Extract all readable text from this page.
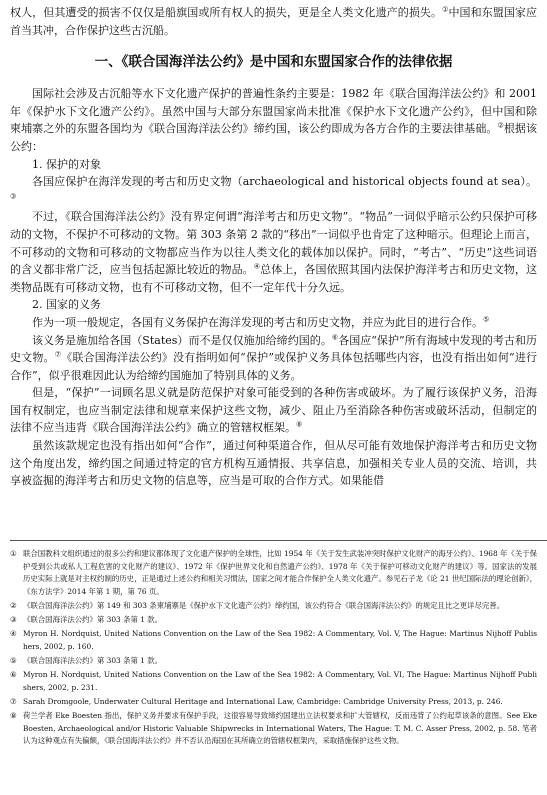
权人，但其遭受的损害不仅仅是船旗国或所有权人的损失，更是全人类文化遗产的损失。①中国和东盟国家应首当其冲，合作保护这些古沉船。

一、《联合国海洋法公约》是中国和东盟国家合作的法律依据

国际社会涉及古沉船等水下文化遗产保护的普遍性条约主要是：1982 年《联合国海洋法公约》和 2001 年《保护水下文化遗产公约》。虽然中国与大部分东盟国家尚未批准《保护水下文化遗产公约》，但中国和除柬埔寨之外的东盟各国均为《联合国海洋法公约》缔约国，该公约即成为各方合作的主要法律基础。②根据该公约：

1. 保护的对象

各国应保护在海洋发现的考古和历史文物（archaeological and historical objects found at sea）。③

不过，《联合国海洋法公约》没有界定何谓“海洋考古和历史文物”。“物品”一词似乎暗示公约只保护可移动的文物，不保护不可移动的文物。第 303 条第 2 款的“移出”一词似乎也肯定了这种暗示。但理论上而言，不可移动的文物和可移动的文物都应当作为以往人类文化的载体加以保护。同时，“考古”、“历史”这些词语的含义都非常广泛，应当包括起源比较近的物品。④总体上，各国依照其国内法保护海洋考古和历史文物，这类物品既有可移动文物，也有不可移动文物，但不一定年代十分久远。

2. 国家的义务

作为一项一般规定，各国有义务保护在海洋发现的考古和历史文物，并应为此目的进行合作。⑤

该义务是施加给各国（States）而不是仅仅施加给缔约国的。⑥各国应“保护”所有海域中发现的考古和历史文物。⑦《联合国海洋法公约》没有指明如何“保护”或保护义务具体包括哪些内容，也没有指出如何“进行合作”，似乎很难因此认为给缔约国施加了特别具体的义务。

但是，“保护”一词顾名思义就是防范保护对象可能受到的各种伤害或破坏。为了履行该保护义务，沿海国有权制定，也应当制定法律和规章来保护这些文物，减少、阻止乃至消除各种伤害或破坏活动，但制定的法律不应当违背《联合国海洋法公约》确立的管辖权框架。⑧

虽然该款规定也没有指出如何“合作”，通过何种渠道合作，但从尽可能有效地保护海洋考古和历史文物这个角度出发，缔约国之间通过特定的官方机构互通情报、共享信息，加强相关专业人员的交流、培训，共享被盗掘的海洋考古和历史文物的信息等，应当是可取的合作方式。如果能借

① 联合国教科文组织通过的很多公约和建议都体现了文化遗产保护的全球性，比如 1954 年《关于发生武装冲突时保护文化财产的海牙公约》、1968 年《关于保护受到公共或私人工程危害的文化财产的建议》、1972 年《保护世界文化和自然遗产公约》、1978 年《关于保护可移动文化财产的建议》等。国家法的发展历史实际上就是对主权约制的历史，正是通过上述公约和相关习惯法，国家之间才能合作保护全人类文化遗产。参见石子龙《论 21 世纪国际法的理论创新》，《东方法学》2014 年第 1 期，第 76 页。

② 《联合国海洋法公约》第 149 和 303 条柬埔寨是《保护水下文化遗产公约》缔约国，该公约符合《联合国海洋法公约》的规定且比之更详尽完善。

③ 《联合国海洋法公约》第 303 条第 1 款。

④ Myron H. Nordquist, United Nations Convention on the Law of the Sea 1982: A Commentary, Vol. V, The Hague: Martinus Nijhoff Publishers, 2002, p. 160.

⑤ 《联合国海洋法公约》第 303 条第 1 款。

⑥ Myron H. Nordquist, United Nations Convention on the Law of the Sea 1982: A Commentary, Vol. VI, The Hague: Martinus Nijhoff Publishers, 2002, p. 231.

⑦ Sarah Dromgoole, Underwater Cultural Heritage and International Law, Cambridge: Cambridge University Press, 2013, p. 246.

⑧ 荷兰学者 Eke Boesten 指出，保护义务并要求有保护手段，这很容易导致缔约国建出立法权要求和扩大管辖权，反而违背了公约起草该条的意图。See Eke Boesten, Archaeological and/or Historic Valuable Shipwrecks in International Waters, The Hague: T. M. C. Asser Press, 2002, p. 58. 笔者认为这种观点有失偏颇，《联合国海洋法公约》并不否认沿海国在其所确立的管辖权框架内，采取措施保护这些文物。
